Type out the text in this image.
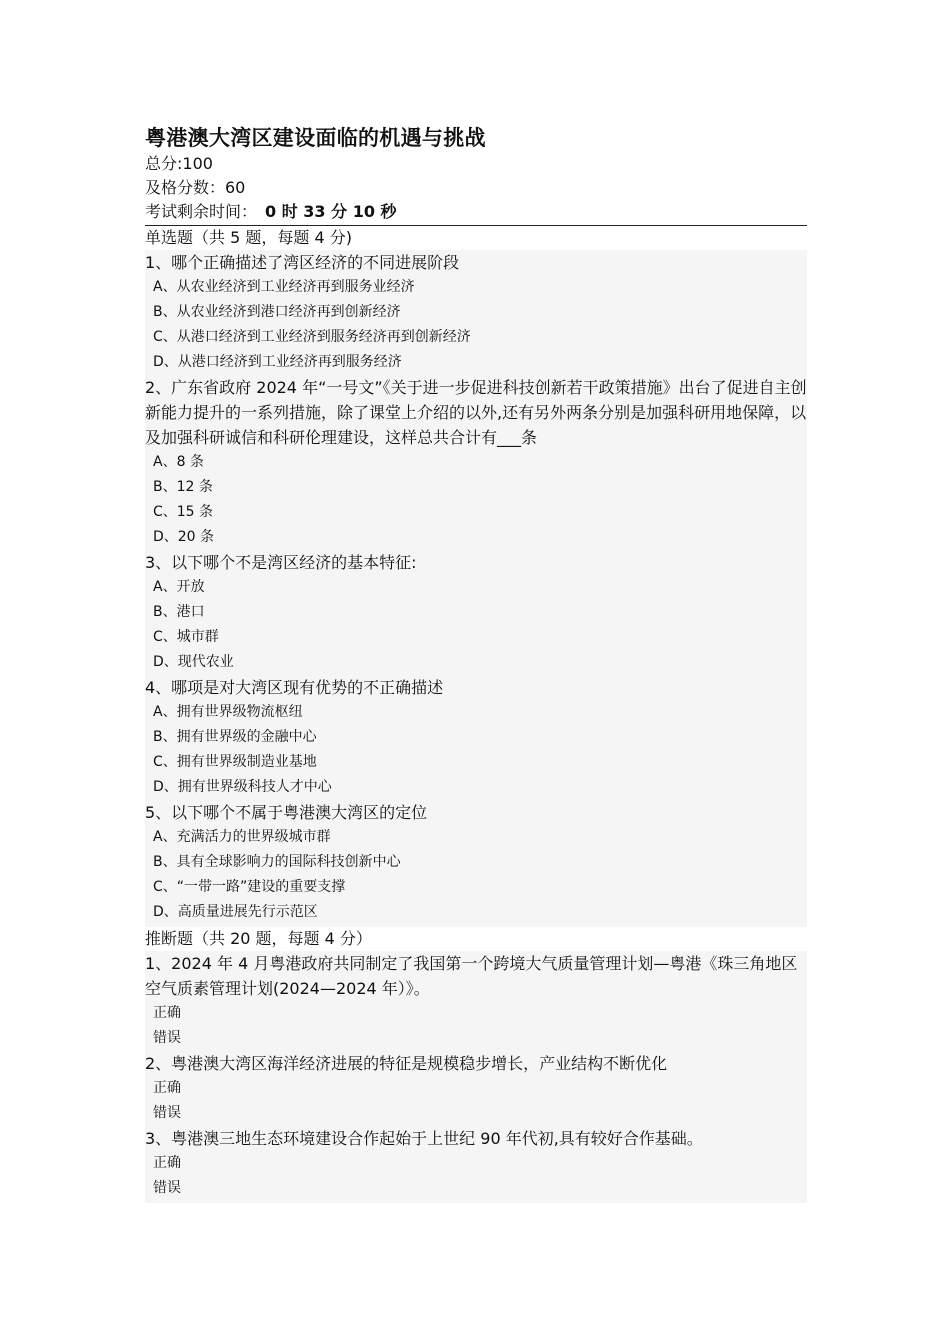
粤港澳大湾区建设面临的机遇与挑战
总分:100
及格分数：60
考试剩余时间： 0 时 33 分 10 秒
单选题（共 5 题，每题 4 分)
1、哪个正确描述了湾区经济的不同进展阶段
A、从农业经济到工业经济再到服务业经济
B、从农业经济到港口经济再到创新经济
C、从港口经济到工业经济到服务经济再到创新经济
D、从港口经济到工业经济再到服务经济
2、广东省政府 2024 年“一号文”《关于进一步促进科技创新若干政策措施》出台了促进自主创新能力提升的一系列措施，除了课堂上介绍的以外,还有另外两条分别是加强科研用地保障，以及加强科研诚信和科研伦理建设，这样总共合计有___条
A、8 条
B、12 条
C、15 条
D、20 条
3、以下哪个不是湾区经济的基本特征:
A、开放
B、港口
C、城市群
D、现代农业
4、哪项是对大湾区现有优势的不正确描述
A、拥有世界级物流枢纽
B、拥有世界级的金融中心
C、拥有世界级制造业基地
D、拥有世界级科技人才中心
5、以下哪个不属于粤港澳大湾区的定位
A、充满活力的世界级城市群
B、具有全球影响力的国际科技创新中心
C、“一带一路”建设的重要支撑
D、高质量进展先行示范区
推断题（共 20 题，每题 4 分）
1、2024 年 4 月粤港政府共同制定了我国第一个跨境大气质量管理计划—粤港《珠三角地区空气质素管理计划(2024—2024 年）》。
正确
错误
2、粤港澳大湾区海洋经济进展的特征是规模稳步增长，产业结构不断优化
正确
错误
3、粤港澳三地生态环境建设合作起始于上世纪 90 年代初,具有较好合作基础。
正确
错误
